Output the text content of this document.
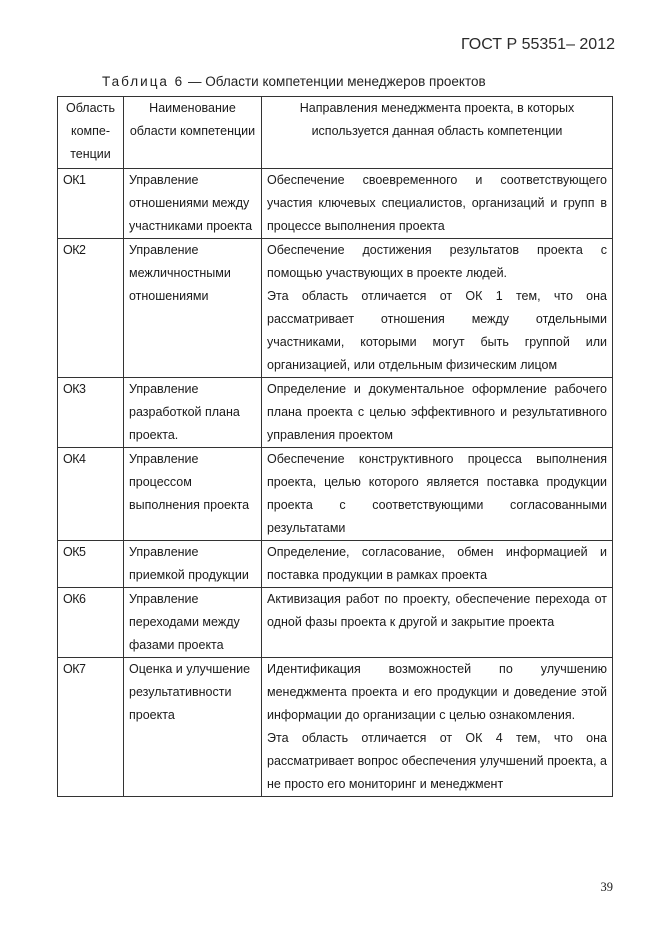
ГОСТ Р 55351– 2012
Таблица 6 — Области компетенции менеджеров проектов
Область компе- тенции	Наименование области компетенции	Направления менеджмента проекта, в которых используется данная область компетенции
ОК1	Управление отношениями между участниками проекта	Обеспечение своевременного и соответствующего участия ключевых специалистов, организаций и групп в процессе выполнения проекта

ОК2	Управление межличностными отношениями	Обеспечение достижения результатов проекта с помощью участвующих в проекте людей.
Эта область отличается от ОК 1 тем, что она рассматривает отношения между отдельными участниками, которыми могут быть группой или организацией, или отдельным физическим лицом

ОК3	Управление разработкой плана проекта.	Определение и документальное оформление рабочего плана проекта с целью эффективного и результативного управления проектом

ОК4	Управление процессом выполнения проекта	Обеспечение конструктивного процесса выполнения проекта, целью которого является поставка продукции проекта с соответствующими согласованными результатами

ОК5	Управление приемкой продукции	Определение, согласование, обмен информацией и поставка продукции в рамках проекта

ОК6	Управление переходами между фазами проекта	Активизация работ по проекту, обеспечение перехода от одной фазы проекта к другой и закрытие проекта

ОК7	Оценка и улучшение результативности проекта	Идентификация возможностей по улучшению менеджмента проекта и его продукции и доведение этой информации до организации с целью ознакомления.
Эта область отличается от ОК 4 тем, что она рассматривает вопрос обеспечения улучшений проекта, а не просто его мониторинг и менеджмент
39
